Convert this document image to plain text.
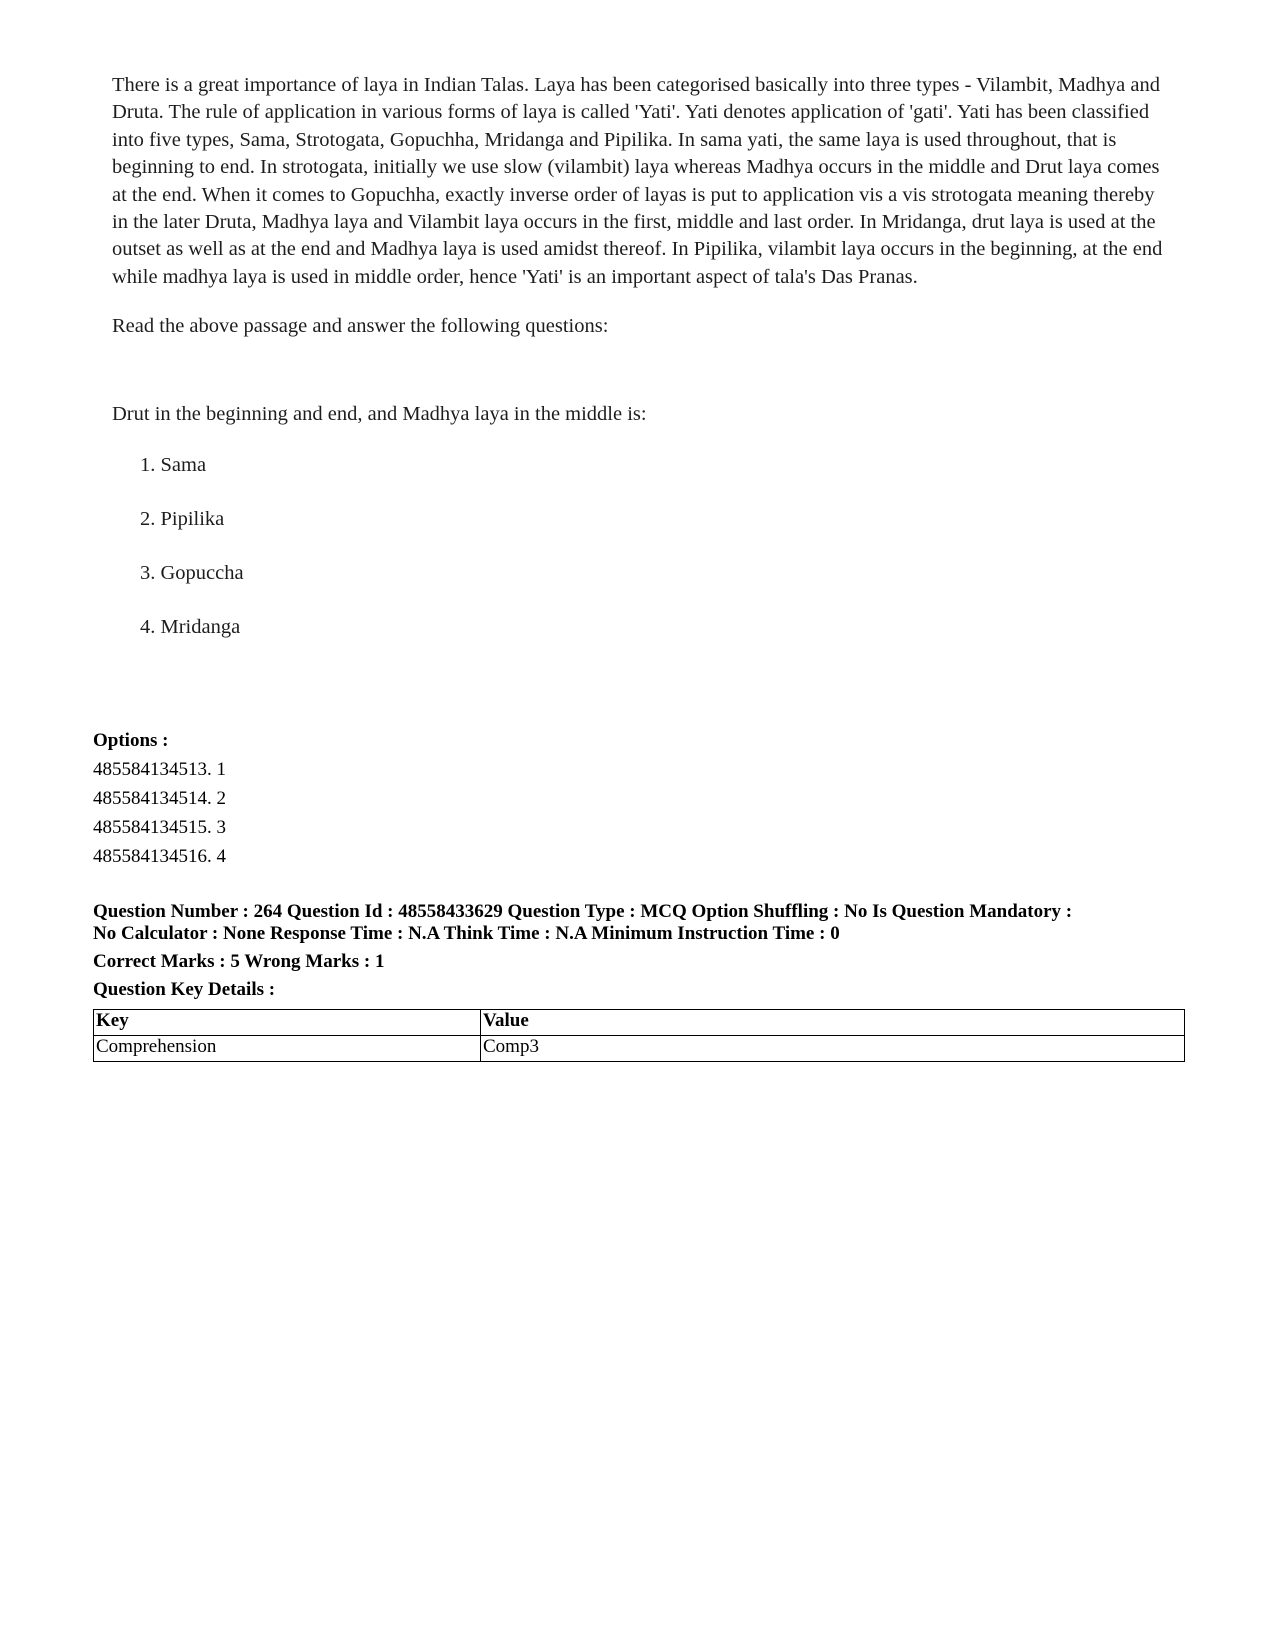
There is a great importance of laya in Indian Talas. Laya has been categorised basically into three types - Vilambit, Madhya and Druta. The rule of application in various forms of laya is called 'Yati'. Yati denotes application of 'gati'. Yati has been classified into five types, Sama, Strotogata, Gopuchha, Mridanga and Pipilika. In sama yati, the same laya is used throughout, that is beginning to end. In strotogata, initially we use slow (vilambit) laya whereas Madhya occurs in the middle and Drut laya comes at the end. When it comes to Gopuchha, exactly inverse order of layas is put to application vis a vis strotogata meaning thereby in the later Druta, Madhya laya and Vilambit laya occurs in the first, middle and last order. In Mridanga, drut laya is used at the outset as well as at the end and Madhya laya is used amidst thereof. In Pipilika, vilambit laya occurs in the beginning, at the end while madhya laya is used in middle order, hence 'Yati' is an important aspect of tala's Das Pranas.

Read the above passage and answer the following questions:

Drut in the beginning and end, and Madhya laya in the middle is:

1. Sama
2. Pipilika
3. Gopuccha
4. Mridanga
Options :
485584134513. 1
485584134514. 2
485584134515. 3
485584134516. 4
Question Number : 264 Question Id : 48558433629 Question Type : MCQ Option Shuffling : No Is Question Mandatory :
No Calculator : None Response Time : N.A Think Time : N.A Minimum Instruction Time : 0
Correct Marks : 5 Wrong Marks : 1
Question Key Details :
Key	Value
Comprehension	Comp3
